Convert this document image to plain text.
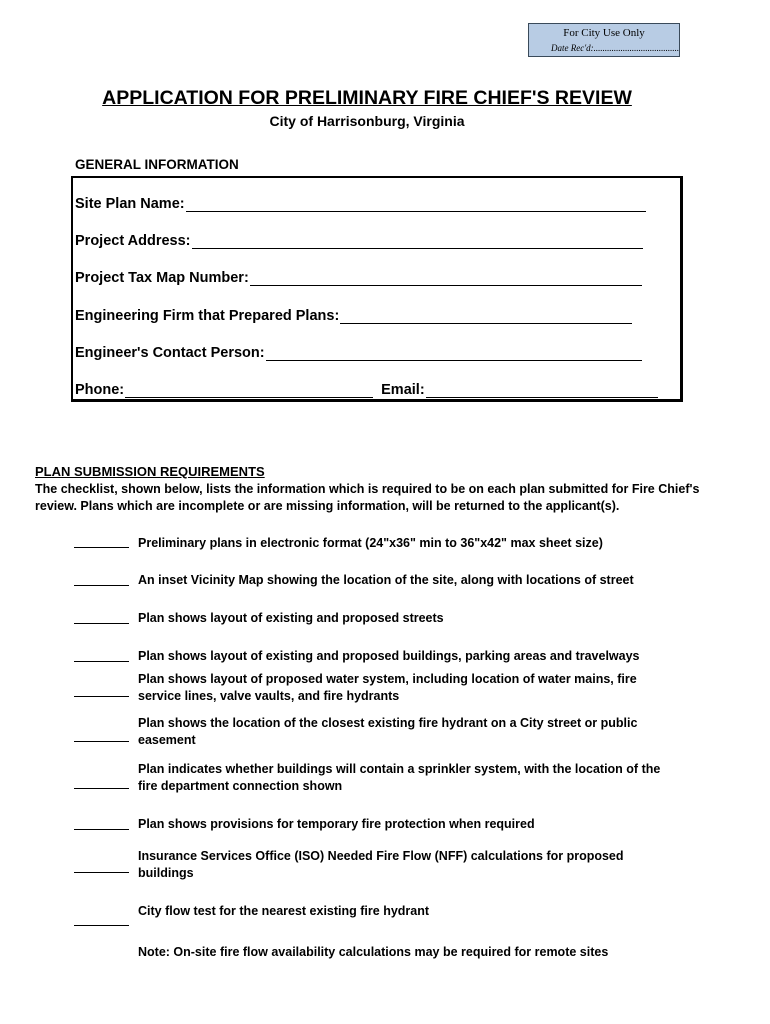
For City Use Only
Date Rec'd:......................................
APPLICATION FOR PRELIMINARY FIRE CHIEF'S REVIEW
City of Harrisonburg, Virginia
GENERAL INFORMATION
Site Plan Name:
Project Address:
Project Tax Map Number:
Engineering Firm that Prepared Plans:
Engineer's Contact Person:
Phone:	Email:
PLAN SUBMISSION REQUIREMENTS
The checklist, shown below, lists the information which is required to be on each plan submitted for Fire Chief's review. Plans which are incomplete or are missing information, will be returned to the applicant(s).
Preliminary plans in electronic format (24"x36" min to 36"x42" max sheet size)
An inset Vicinity Map showing the location of the site, along with locations of street
Plan shows layout of existing and proposed streets
Plan shows layout of existing and proposed buildings, parking areas and travelways
Plan shows layout of proposed water system, including location of water mains, fire service lines, valve vaults, and fire hydrants
Plan shows the location of the closest existing fire hydrant on a City street or public easement
Plan indicates whether buildings will contain a sprinkler system, with the location of the fire department connection shown
Plan shows provisions for temporary fire protection when required
Insurance Services Office (ISO) Needed Fire Flow (NFF) calculations for proposed buildings
City flow test for the nearest existing fire hydrant
Note: On-site fire flow availability calculations may be required for remote sites
